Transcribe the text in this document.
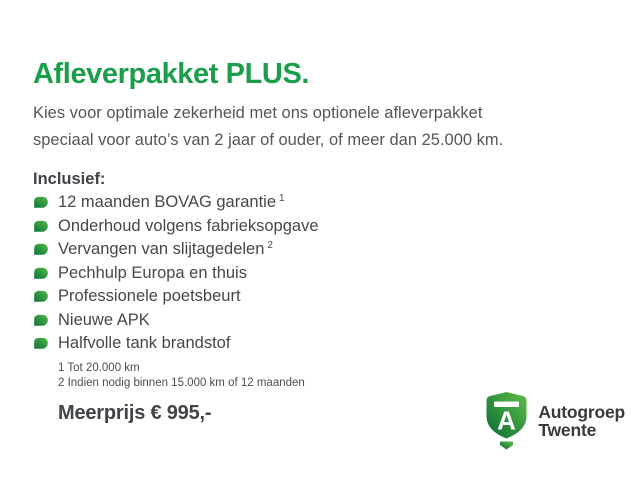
Afleverpakket PLUS.

Kies voor optimale zekerheid met ons optionele afleverpakket
speciaal voor auto’s van 2 jaar of ouder, of meer dan 25.000 km.

Inclusief:
12 maanden BOVAG garantie 1
Onderhoud volgens fabrieksopgave
Vervangen van slijtagedelen 2
Pechhulp Europa en thuis
Professionele poetsbeurt
Nieuwe APK
Halfvolle tank brandstof
1 Tot 20.000 km
2 Indien nodig binnen 15.000 km of 12 maanden
Meerprijs € 995,-	A Autogroep
Twente
